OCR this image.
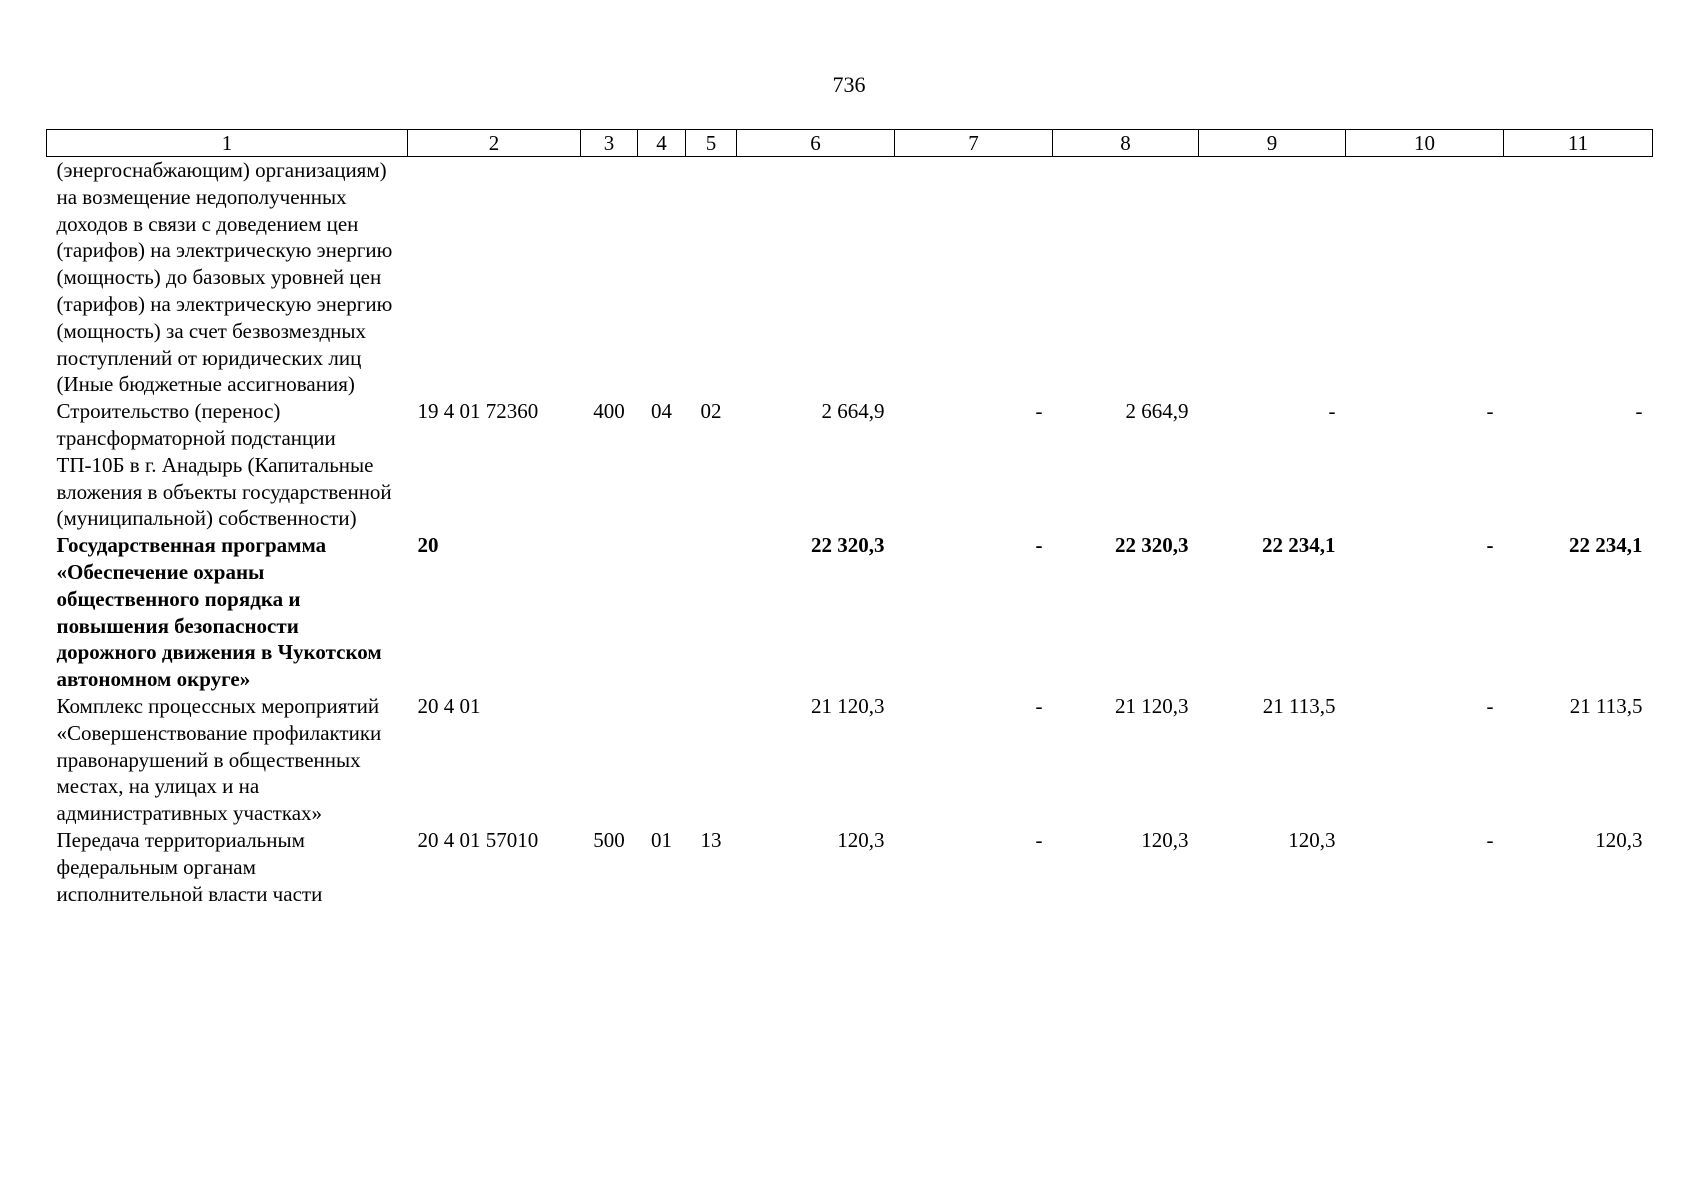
736
1	2	3	4	5	6	7	8	9	10	11
(энергоснабжающим) организациям) на возмещение недополученных доходов в связи с доведением цен (тарифов) на электрическую энергию (мощность) до базовых уровней цен (тарифов) на электрическую энергию (мощность) за счет безвозмездных поступлений от юридических лиц (Иные бюджетные ассигнования)										
Строительство (перенос) трансформаторной подстанции ТП-10Б в г. Анадырь (Капитальные вложения в объекты государственной (муниципальной) собственности)	19 4 01 72360	400	04	02	2 664,9	-	2 664,9	-	-	-
Государственная программа «Обеспечение охраны общественного порядка и повышения безопасности дорожного движения в Чукотском автономном округе»	20				22 320,3	-	22 320,3	22 234,1	-	22 234,1
Комплекс процессных мероприятий «Совершенствование профилактики правонарушений в общественных местах, на улицах и на административных участках»	20 4 01				21 120,3	-	21 120,3	21 113,5	-	21 113,5
Передача территориальным федеральным органам исполнительной власти части	20 4 01 57010	500	01	13	120,3	-	120,3	120,3	-	120,3
